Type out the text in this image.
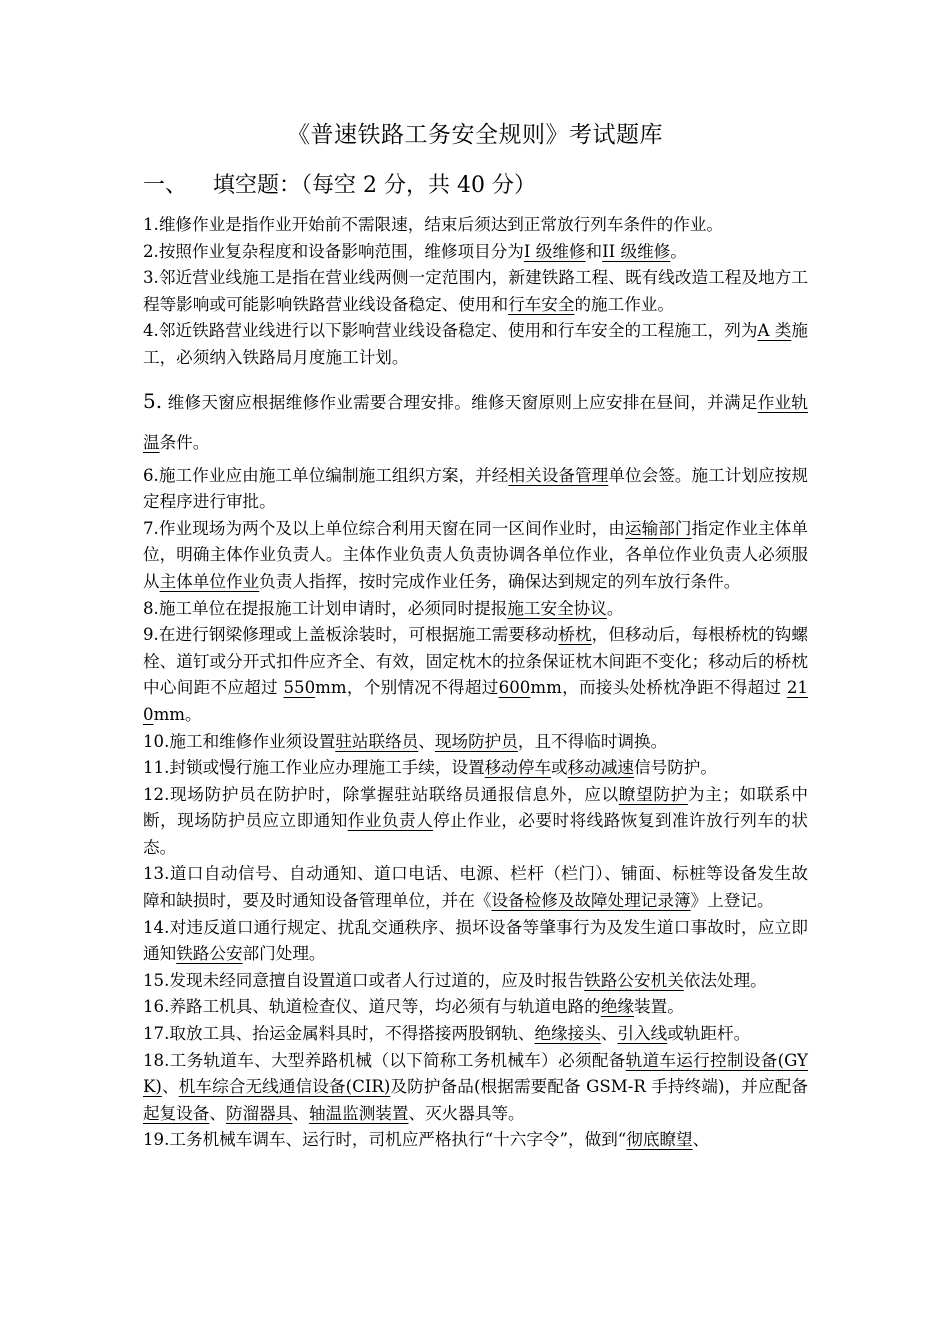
《普速铁路工务安全规则》考试题库
一、 填空题：（每空 2 分，共 40 分）

1.维修作业是指作业开始前不需限速，结束后须达到正常放行列车条件的作业。

2.按照作业复杂程度和设备影响范围，维修项目分为I 级维修和II 级维修。

3.邻近营业线施工是指在营业线两侧一定范围内，新建铁路工程、既有线改造工程及地方工程等影响或可能影响铁路营业线设备稳定、使用和行车安全的施工作业。

4.邻近铁路营业线进行以下影响营业线设备稳定、使用和行车安全的工程施工，列为A 类施工，必须纳入铁路局月度施工计划。

5. 维修天窗应根据维修作业需要合理安排。维修天窗原则上应安排在昼间，并满足作业轨温条件。

6.施工作业应由施工单位编制施工组织方案，并经相关设备管理单位会签。施工计划应按规定程序进行审批。

7.作业现场为两个及以上单位综合利用天窗在同一区间作业时，由运输部门指定作业主体单位，明确主体作业负责人。主体作业负责人负责协调各单位作业，各单位作业负责人必须服从主体单位作业负责人指挥，按时完成作业任务，确保达到规定的列车放行条件。

8.施工单位在提报施工计划申请时，必须同时提报施工安全协议。

9.在进行钢梁修理或上盖板涂装时，可根据施工需要移动桥枕，但移动后，每根桥枕的钩螺栓、道钉或分开式扣件应齐全、有效，固定枕木的拉条保证枕木间距不变化；移动后的桥枕中心间距不应超过 550mm，个别情况不得超过600mm，而接头处桥枕净距不得超过 210mm。

10.施工和维修作业须设置驻站联络员、现场防护员，且不得临时调换。

11.封锁或慢行施工作业应办理施工手续，设置移动停车或移动减速信号防护。

12.现场防护员在防护时，除掌握驻站联络员通报信息外，应以瞭望防护为主；如联系中断，现场防护员应立即通知作业负责人停止作业，必要时将线路恢复到准许放行列车的状态。

13.道口自动信号、自动通知、道口电话、电源、栏杆（栏门）、铺面、标桩等设备发生故障和缺损时，要及时通知设备管理单位，并在《设备检修及故障处理记录簿》上登记。

14.对违反道口通行规定、扰乱交通秩序、损坏设备等肇事行为及发生道口事故时，应立即通知铁路公安部门处理。

15.发现未经同意擅自设置道口或者人行过道的，应及时报告铁路公安机关依法处理。

16.养路工机具、轨道检查仪、道尺等，均必须有与轨道电路的绝缘装置。

17.取放工具、抬运金属料具时，不得搭接两股钢轨、绝缘接头、引入线或轨距杆。

18.工务轨道车、大型养路机械（以下简称工务机械车）必须配备轨道车运行控制设备(GYK)、机车综合无线通信设备(CIR)及防护备品(根据需要配备 GSM-R 手持终端)，并应配备起复设备、防溜器具、轴温监测装置、灭火器具等。

19.工务机械车调车、运行时，司机应严格执行“十六字令”，做到“彻底瞭望、
